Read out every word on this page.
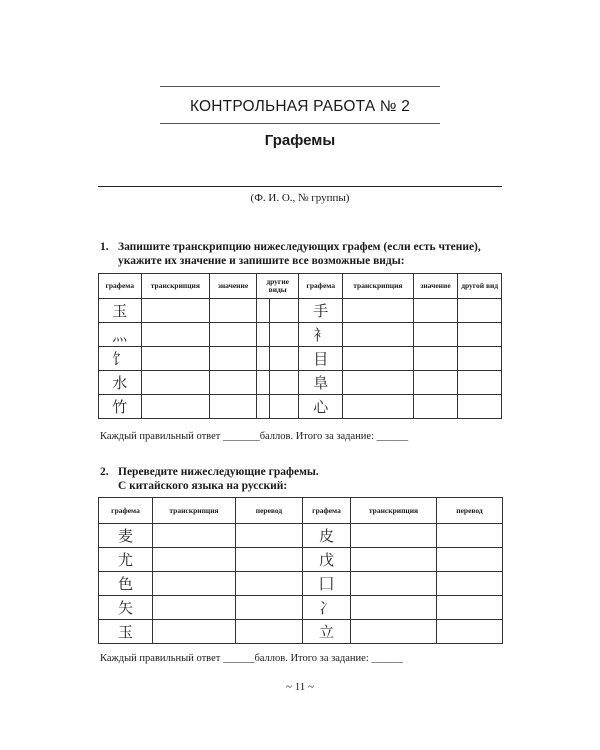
КОНТРОЛЬНАЯ РАБОТА № 2
Графемы
(Ф. И. О., № группы)
1. Запишите транскрипцию нижеследующих графем (если есть чтение),
укажите их значение и запишите все возможные виды:
графема	транскрипция	значение	другие виды		графема	транскрипция	значение	другой вид
玉					手			
灬					衤			
饣					目			
水					阜			
竹					心			
Каждый правильный ответ _______баллов. Итого за задание: ______
2. Переведите нижеследующие графемы.
С китайского языка на русский:
графема	транскрипция	перевод	графема	транскрипция	перевод
麦			皮		
尤			戊		
色			囗		
矢			冫		
玉			立		
Каждый правильный ответ ______баллов. Итого за задание: ______
~ 11 ~
